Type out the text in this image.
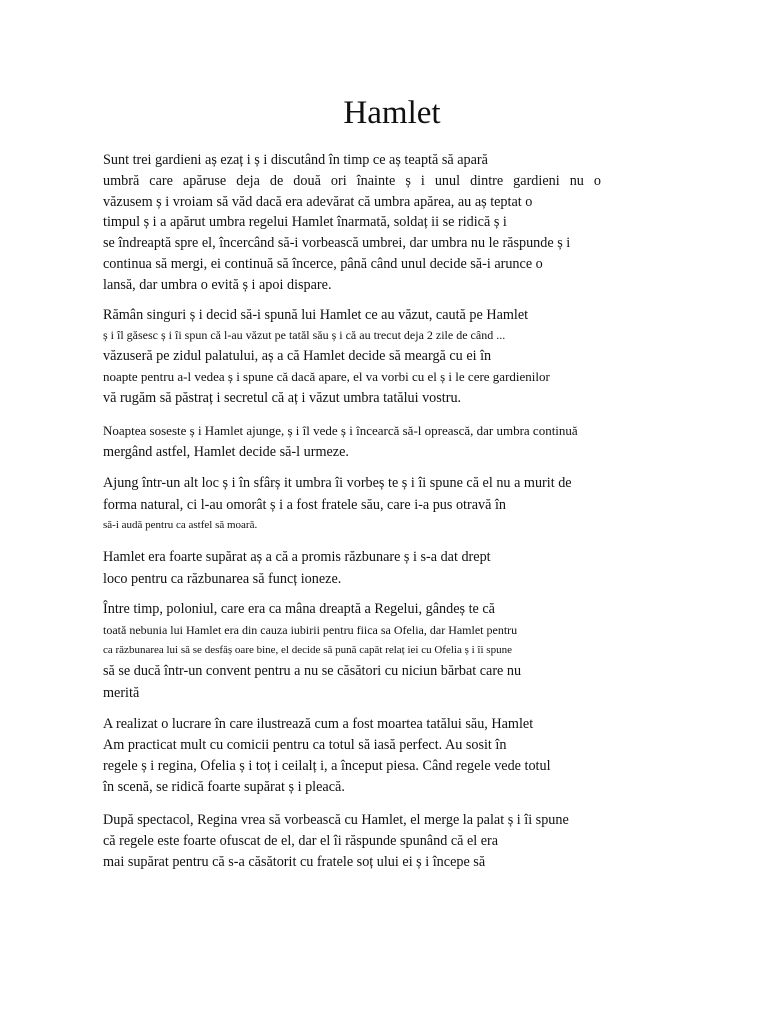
Hamlet
Sunt trei gardieni aș ezaț i ș i discutând în timp ce aș teaptă să apară
umbră care apăruse deja de două ori înainte ș i unul dintre gardieni nu o
văzusem ș i vroiam să văd dacă era adevărat că umbra apărea, au aș teptat o
timpul ș i a apărut umbra regelui Hamlet înarmată, soldaț ii se ridică ș i
se îndreaptă spre el, încercând să-i vorbească umbrei, dar umbra nu le răspunde ș i
continua să mergi, ei continuă să încerce, până când unul decide să-i arunce o
lansă, dar umbra o evită ș i apoi dispare.
Rămân singuri ș i decid să-i spună lui Hamlet ce au văzut, caută pe Hamlet
ș i îl găsesc ș i îi spun că l-au văzut pe tatăl său ș i că au trecut deja 2 zile de când ...
văzuseră pe zidul palatului, aș a că Hamlet decide să meargă cu ei în
noapte pentru a-l vedea ș i spune că dacă apare, el va vorbi cu el ș i le cere gardienilor
vă rugăm să păstraț i secretul că aț i văzut umbra tatălui vostru.
Noaptea soseste ș i Hamlet ajunge, ș i îl vede ș i încearcă să-l oprească, dar umbra continuă
mergând astfel, Hamlet decide să-l urmeze.
Ajung într-un alt loc ș i în sfârș it umbra îi vorbeș te ș i îi spune că el nu a murit de
forma natural, ci l-au omorât ș i a fost fratele său, care i-a pus otravă în
să-i audă pentru ca astfel să moară.
Hamlet era foarte supărat aș a că a promis răzbunare ș i s-a dat drept
loco pentru ca răzbunarea să funcț ioneze.
Între timp, poloniul, care era ca mâna dreaptă a Regelui, gândeș te că
toată nebunia lui Hamlet era din cauza iubirii pentru fiica sa Ofelia, dar Hamlet pentru
ca răzbunarea lui să se desfăș oare bine, el decide să pună capăt relaț iei cu Ofelia ș i îi spune
să se ducă într-un convent pentru a nu se căsători cu niciun bărbat care nu
merită
A realizat o lucrare în care ilustrează cum a fost moartea tatălui său, Hamlet
Am practicat mult cu comicii pentru ca totul să iasă perfect. Au sosit în
regele ș i regina, Ofelia ș i toț i ceilalț i, a început piesa. Când regele vede totul
în scenă, se ridică foarte supărat ș i pleacă.
După spectacol, Regina vrea să vorbească cu Hamlet, el merge la palat ș i îi spune
că regele este foarte ofuscat de el, dar el îi răspunde spunând că el era
mai supărat pentru că s-a căsătorit cu fratele soț ului ei ș i începe să
